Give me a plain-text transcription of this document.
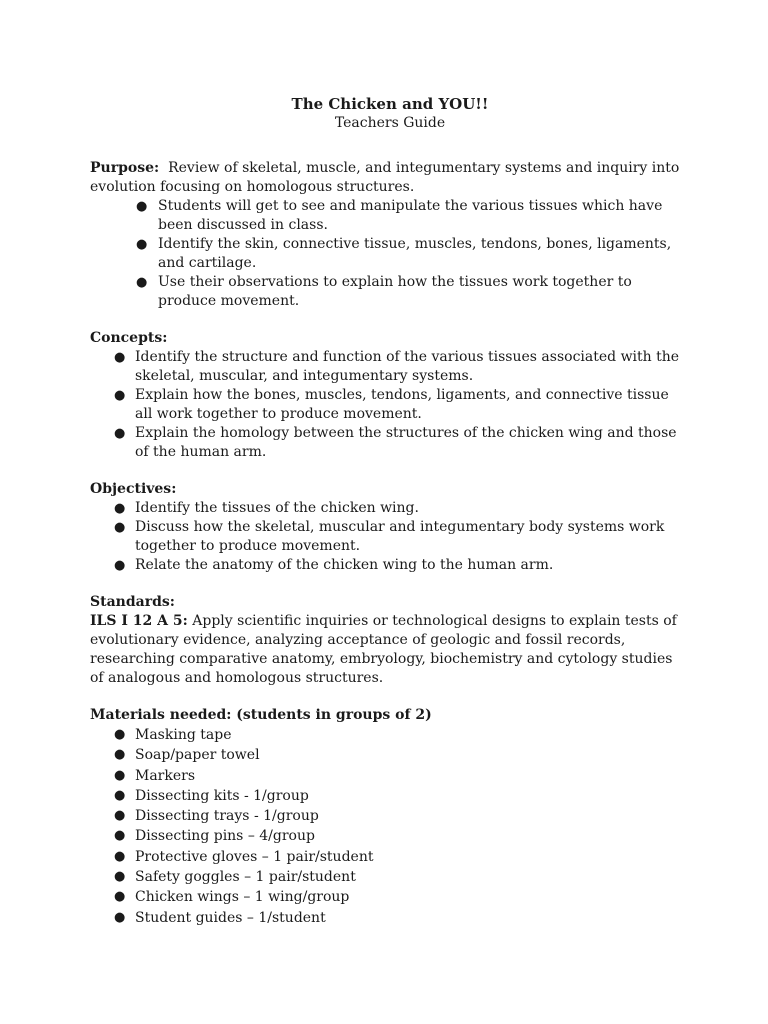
The Chicken and YOU!!
Teachers Guide
Purpose: Review of skeletal, muscle, and integumentary systems and inquiry into evolution focusing on homologous structures.
● Students will get to see and manipulate the various tissues which have been discussed in class.
● Identify the skin, connective tissue, muscles, tendons, bones, ligaments, and cartilage.
● Use their observations to explain how the tissues work together to produce movement.
Concepts:
● Identify the structure and function of the various tissues associated with the skeletal, muscular, and integumentary systems.
● Explain how the bones, muscles, tendons, ligaments, and connective tissue all work together to produce movement.
● Explain the homology between the structures of the chicken wing and those of the human arm.
Objectives:
● Identify the tissues of the chicken wing.
● Discuss how the skeletal, muscular and integumentary body systems work together to produce movement.
● Relate the anatomy of the chicken wing to the human arm.
Standards:
ILS I 12 A 5: Apply scientific inquiries or technological designs to explain tests of evolutionary evidence, analyzing acceptance of geologic and fossil records, researching comparative anatomy, embryology, biochemistry and cytology studies of analogous and homologous structures.
Materials needed: (students in groups of 2)
● Masking tape
● Soap/paper towel
● Markers
● Dissecting kits - 1/group
● Dissecting trays - 1/group
● Dissecting pins – 4/group
● Protective gloves – 1 pair/student
● Safety goggles – 1 pair/student
● Chicken wings – 1 wing/group
● Student guides – 1/student
